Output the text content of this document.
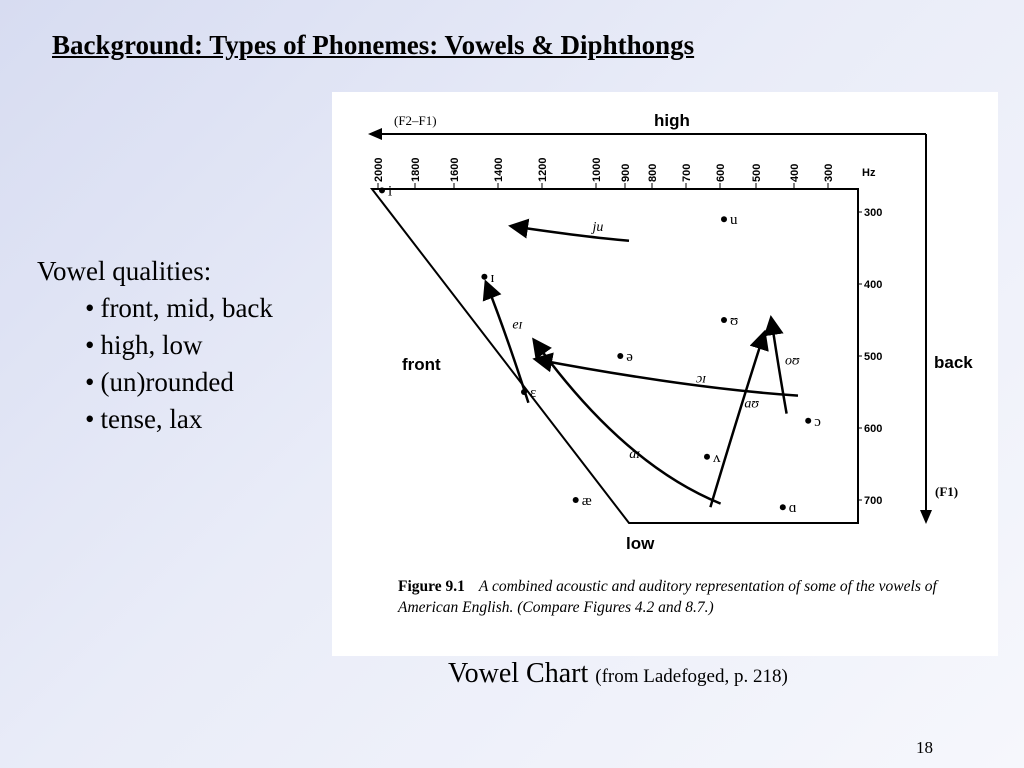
Background: Types of Phonemes: Vowels & Diphthongs
Vowel qualities:
• front, mid, back
• high, low
• (un)rounded
• tense, lax
(F2–F1)	high
low
front	back
(F1)
Hz
2000 1800 1600	1400	1200	1000 900 800 700 600 500 400 300
300
400
500
600
700
ju
eɪ
oʊ
ɔɪ
aɪ
aʊ
i
u
ɪ
ʊ
ə
ɛ
ɔ
ʌ
æ	ɑ
Figure 9.1 A combined acoustic and auditory representation of some of the vowels of American English. (Compare Figures 4.2 and 8.7.)
Vowel Chart (from Ladefoged, p. 218)
18
